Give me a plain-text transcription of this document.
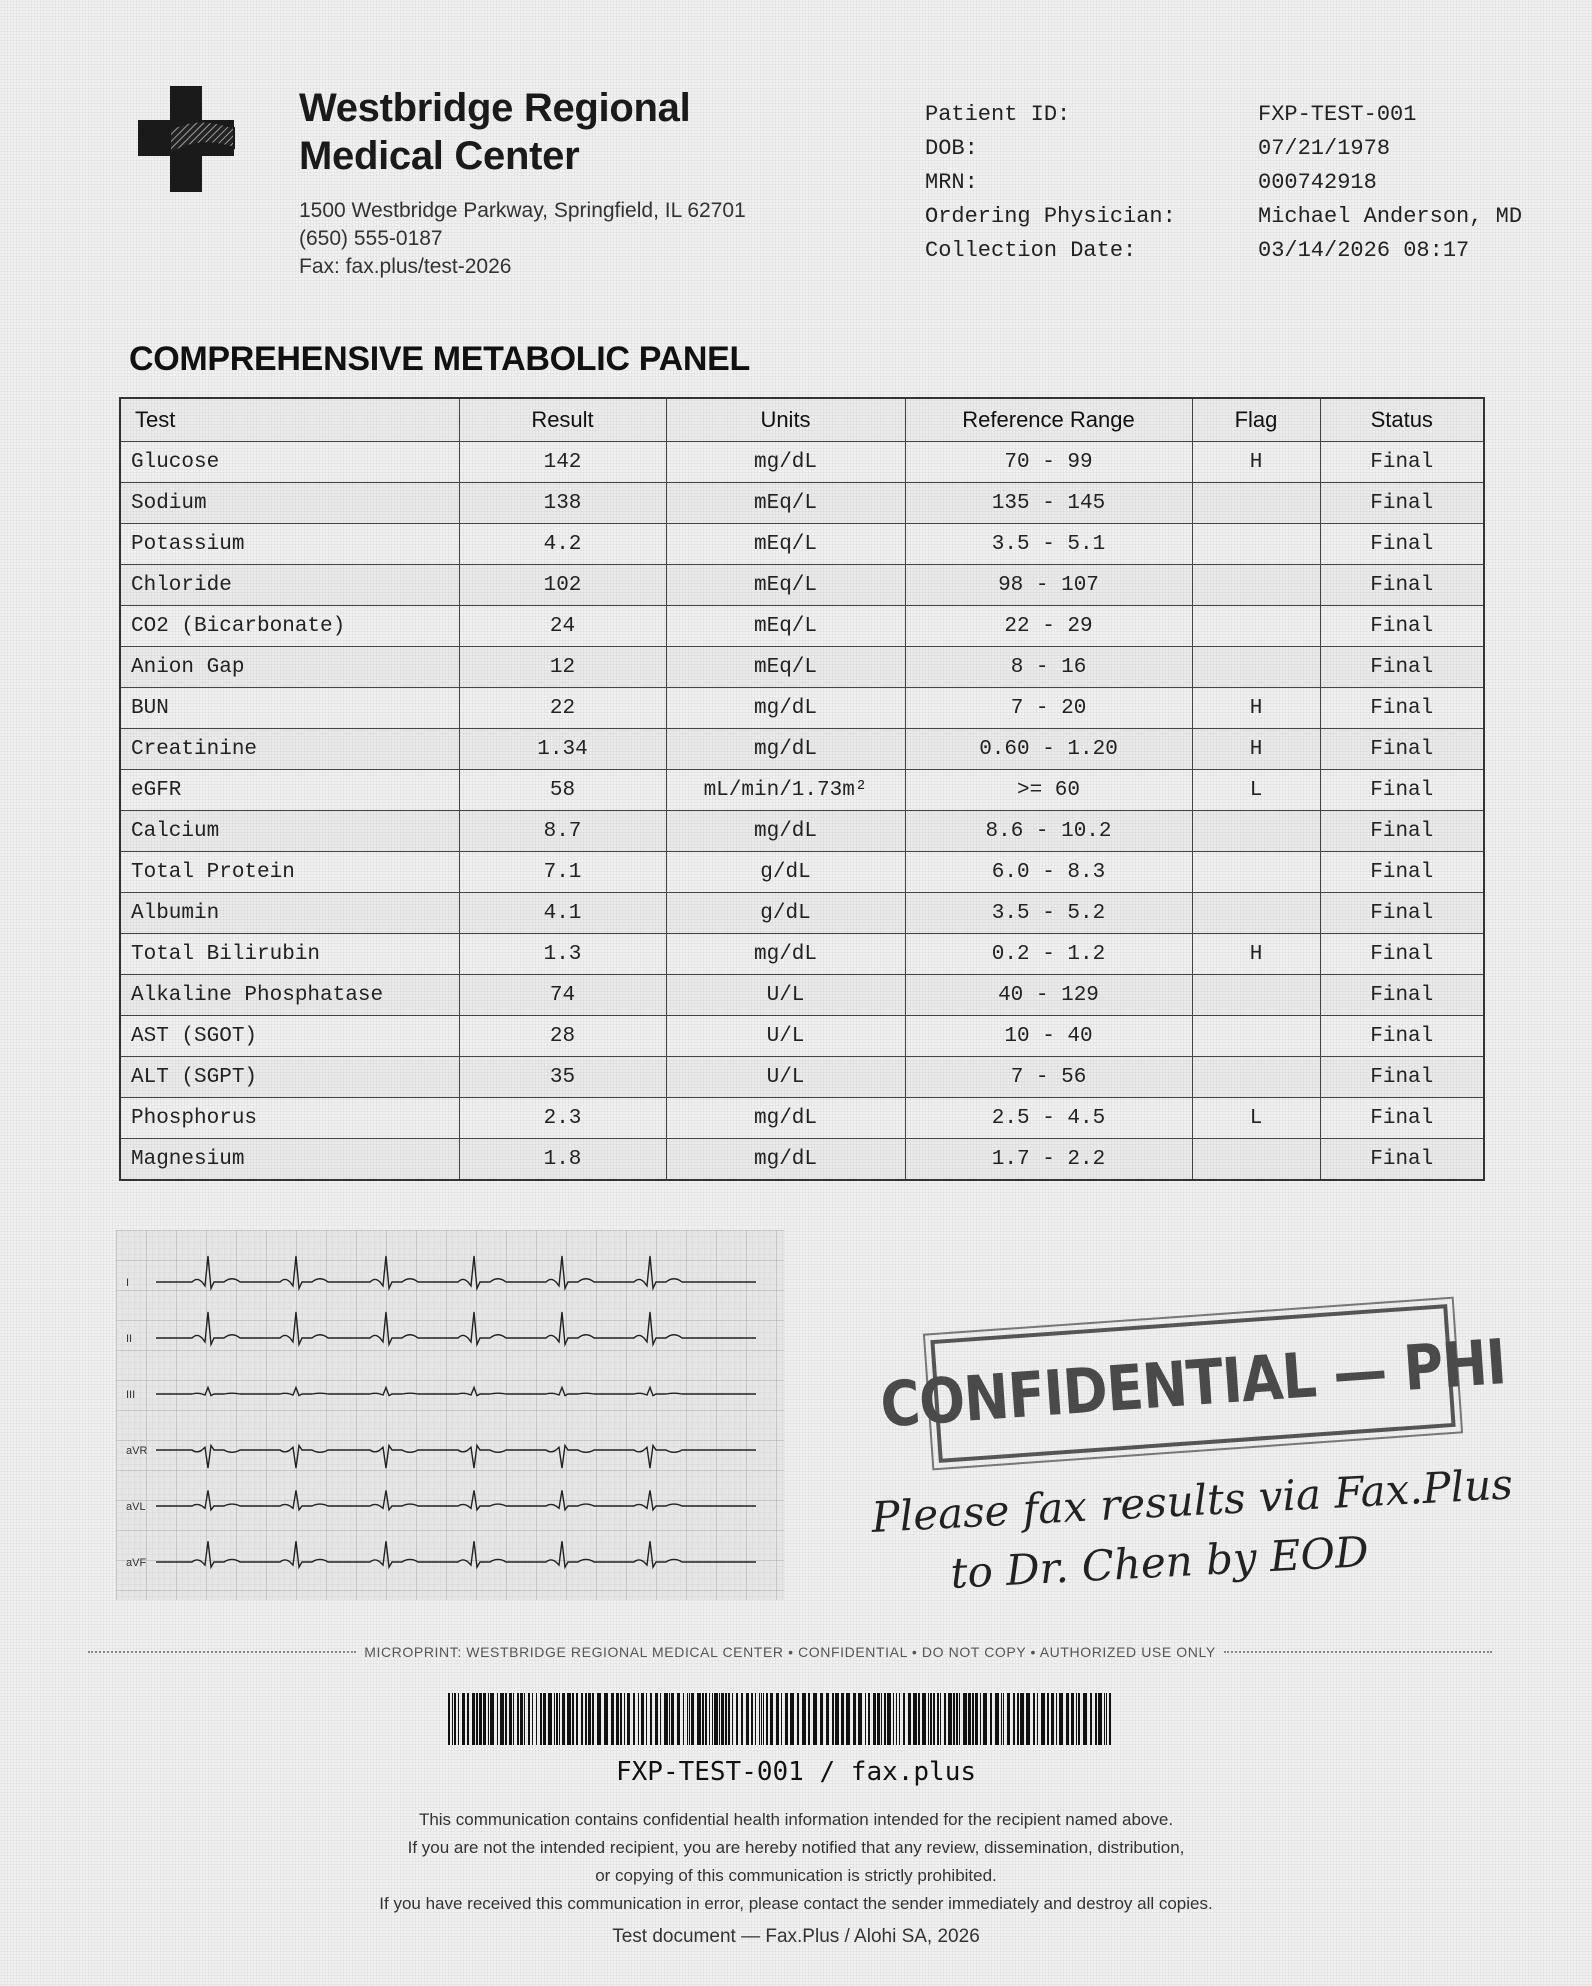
Westbridge Regional
Medical Center
1500 Westbridge Parkway, Springfield, IL 62701
(650) 555-0187
Fax: fax.plus/test-2026
Patient ID:	FXP-TEST-001
DOB:	07/21/1978
MRN:	000742918
Ordering Physician:	Michael Anderson, MD
Collection Date:	03/14/2026 08:17
COMPREHENSIVE METABOLIC PANEL
Test	Result	Units	Reference Range	Flag	Status
Glucose	142	mg/dL	70 - 99	H	Final
Sodium	138	mEq/L	135 - 145		Final
Potassium	4.2	mEq/L	3.5 - 5.1		Final
Chloride	102	mEq/L	98 - 107		Final
CO2 (Bicarbonate)	24	mEq/L	22 - 29		Final
Anion Gap	12	mEq/L	8 - 16		Final
BUN	22	mg/dL	7 - 20	H	Final
Creatinine	1.34	mg/dL	0.60 - 1.20	H	Final
eGFR	58	mL/min/1.73m²	>= 60	L	Final
Calcium	8.7	mg/dL	8.6 - 10.2		Final
Total Protein	7.1	g/dL	6.0 - 8.3		Final
Albumin	4.1	g/dL	3.5 - 5.2		Final
Total Bilirubin	1.3	mg/dL	0.2 - 1.2	H	Final
Alkaline Phosphatase	74	U/L	40 - 129		Final
AST (SGOT)	28	U/L	10 - 40		Final
ALT (SGPT)	35	U/L	7 - 56		Final
Phosphorus	2.3	mg/dL	2.5 - 4.5	L	Final
Magnesium	1.8	mg/dL	1.7 - 2.2		Final
I
II
III
aVR
aVL
aVF
CONFIDENTIAL — PHI
Please fax results via Fax.Plus
to Dr. Chen by EOD
MICROPRINT: WESTBRIDGE REGIONAL MEDICAL CENTER • CONFIDENTIAL • DO NOT COPY • AUTHORIZED USE ONLY
FXP-TEST-001 / fax.plus
This communication contains confidential health information intended for the recipient named above.
If you are not the intended recipient, you are hereby notified that any review, dissemination, distribution,
or copying of this communication is strictly prohibited.
If you have received this communication in error, please contact the sender immediately and destroy all copies.
Test document — Fax.Plus / Alohi SA, 2026
